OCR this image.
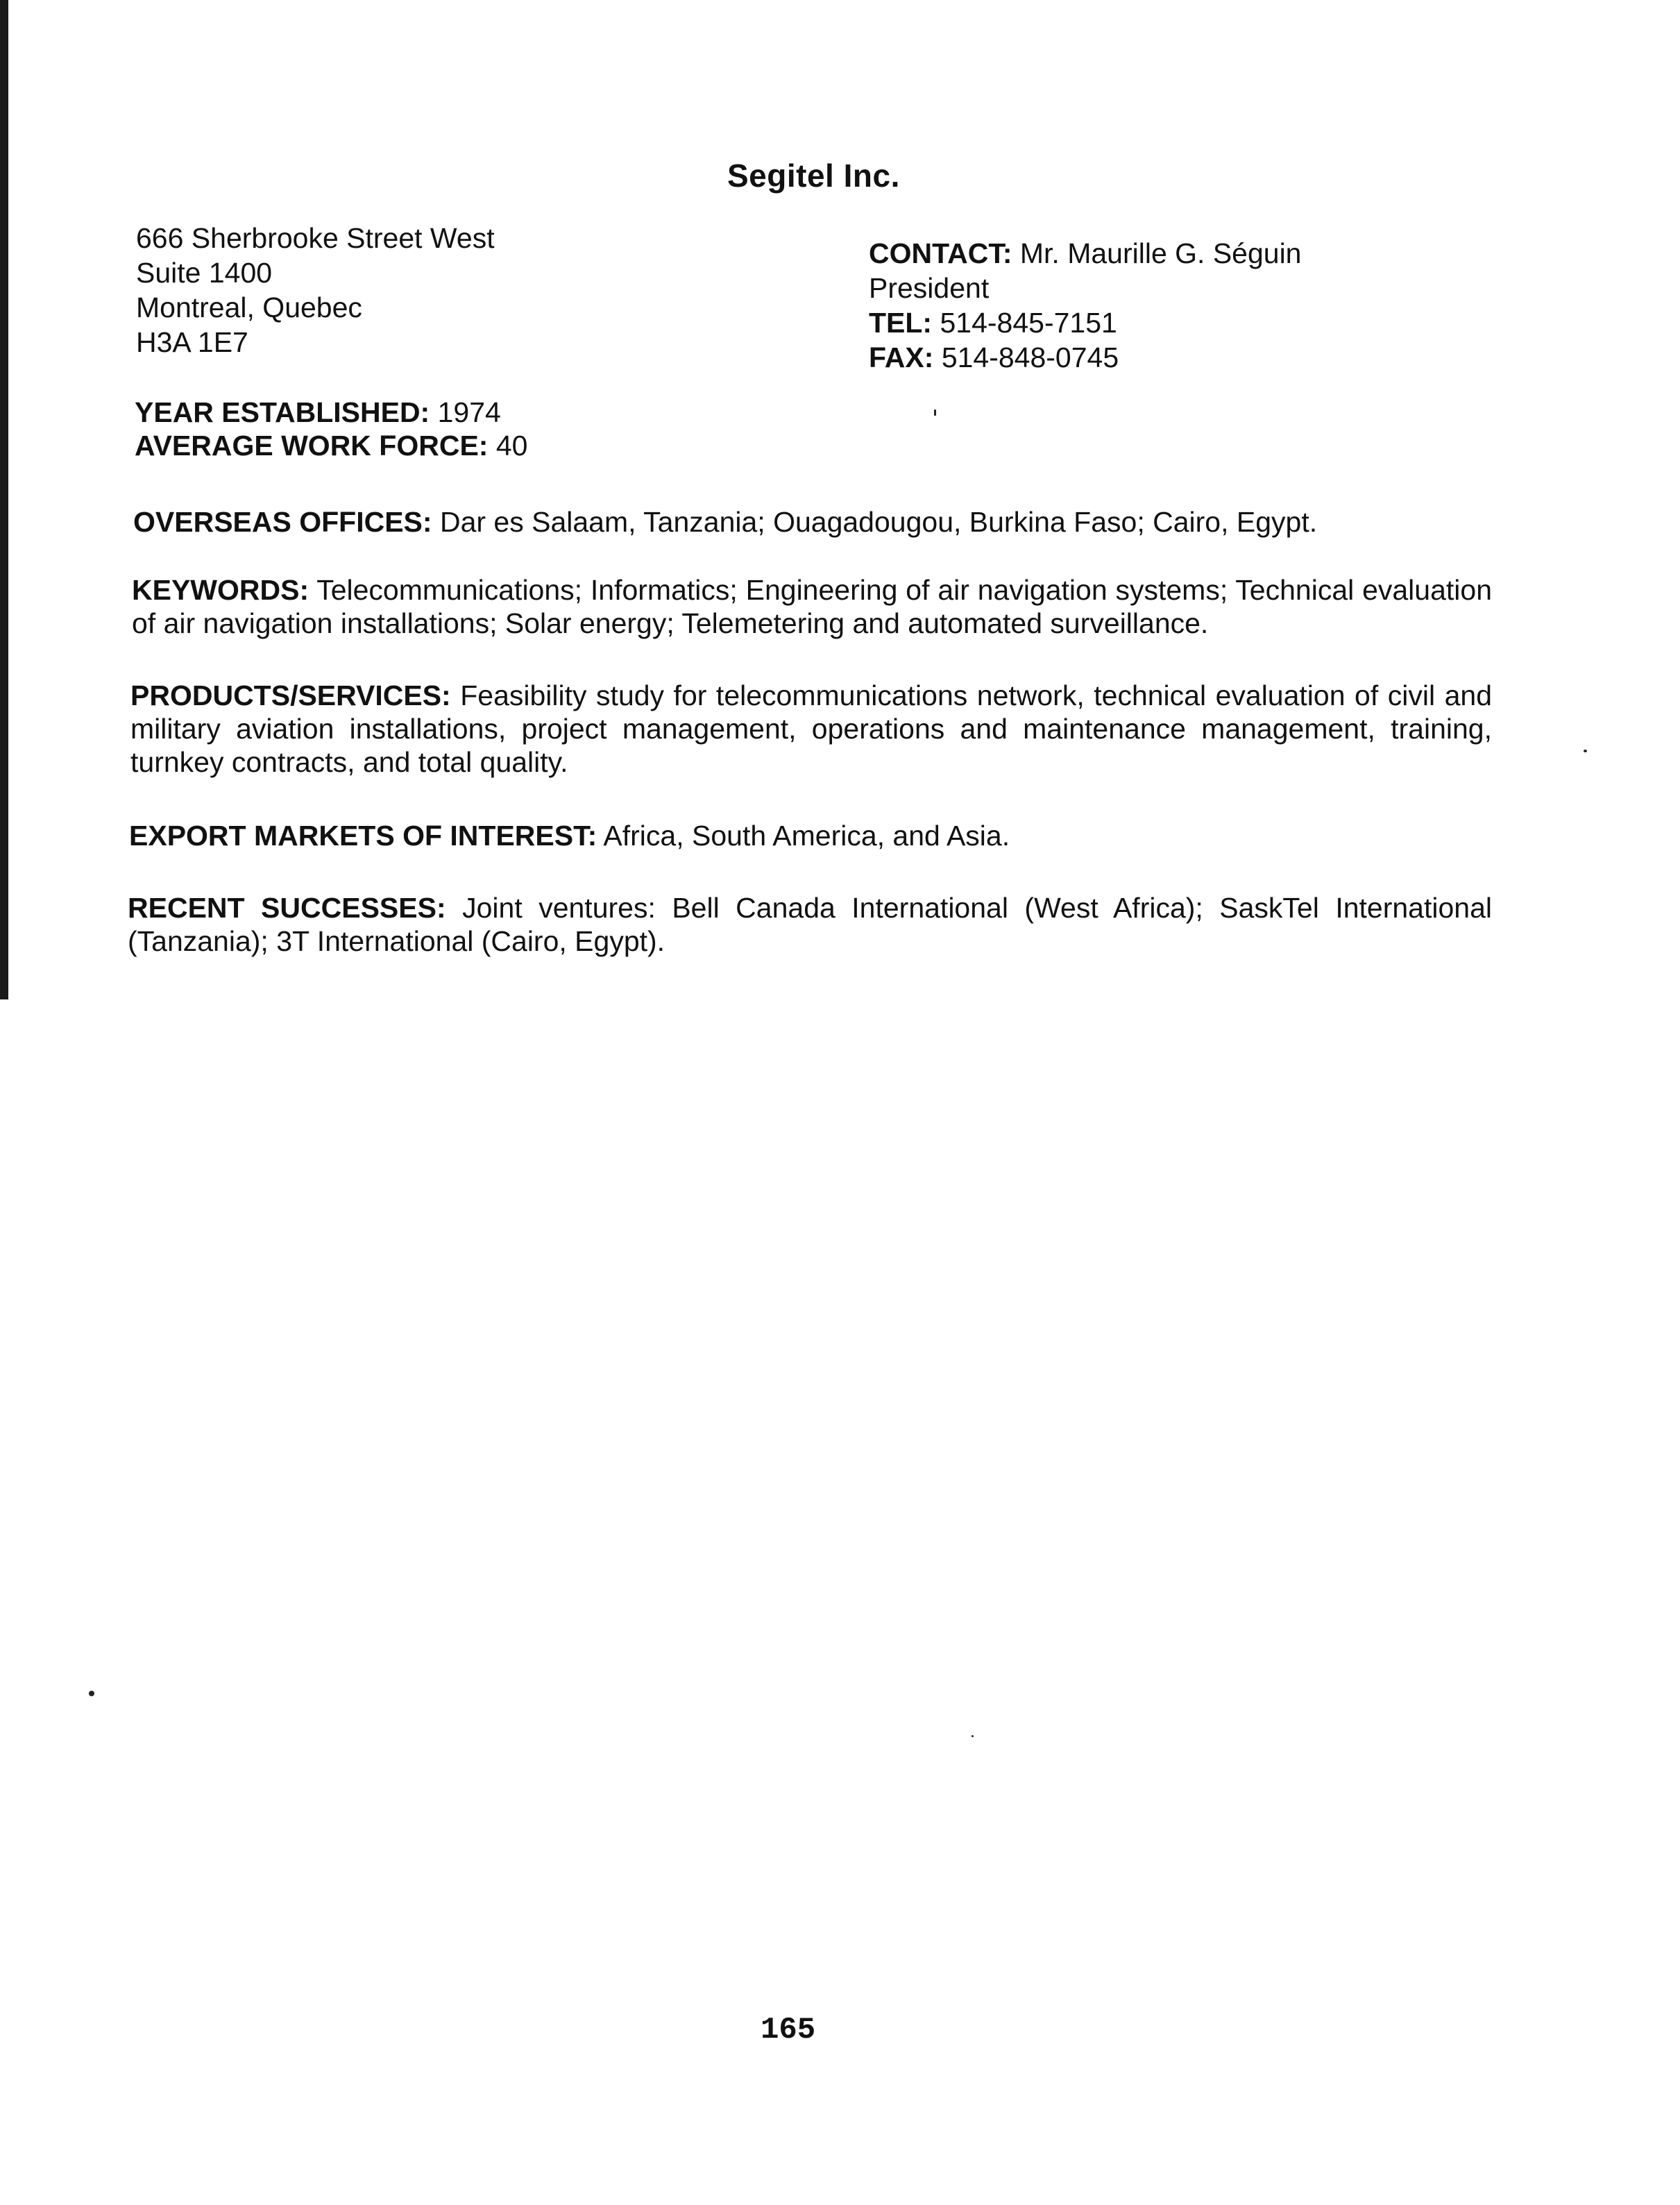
Segitel Inc.
666 Sherbrooke Street West
Suite 1400
Montreal, Quebec
H3A 1E7
CONTACT: Mr. Maurille G. Séguin
President
TEL: 514-845-7151
FAX: 514-848-0745
YEAR ESTABLISHED: 1974
AVERAGE WORK FORCE: 40
OVERSEAS OFFICES: Dar es Salaam, Tanzania; Ouagadougou, Burkina Faso; Cairo, Egypt.
KEYWORDS: Telecommunications; Informatics; Engineering of air navigation systems; Technical evaluation of air navigation installations; Solar energy; Telemetering and automated surveillance.
PRODUCTS/SERVICES: Feasibility study for telecommunications network, technical evaluation of civil and military aviation installations, project management, operations and maintenance management, training, turnkey contracts, and total quality.
EXPORT MARKETS OF INTEREST: Africa, South America, and Asia.
RECENT SUCCESSES: Joint ventures: Bell Canada International (West Africa); SaskTel International (Tanzania); 3T International (Cairo, Egypt).
165
